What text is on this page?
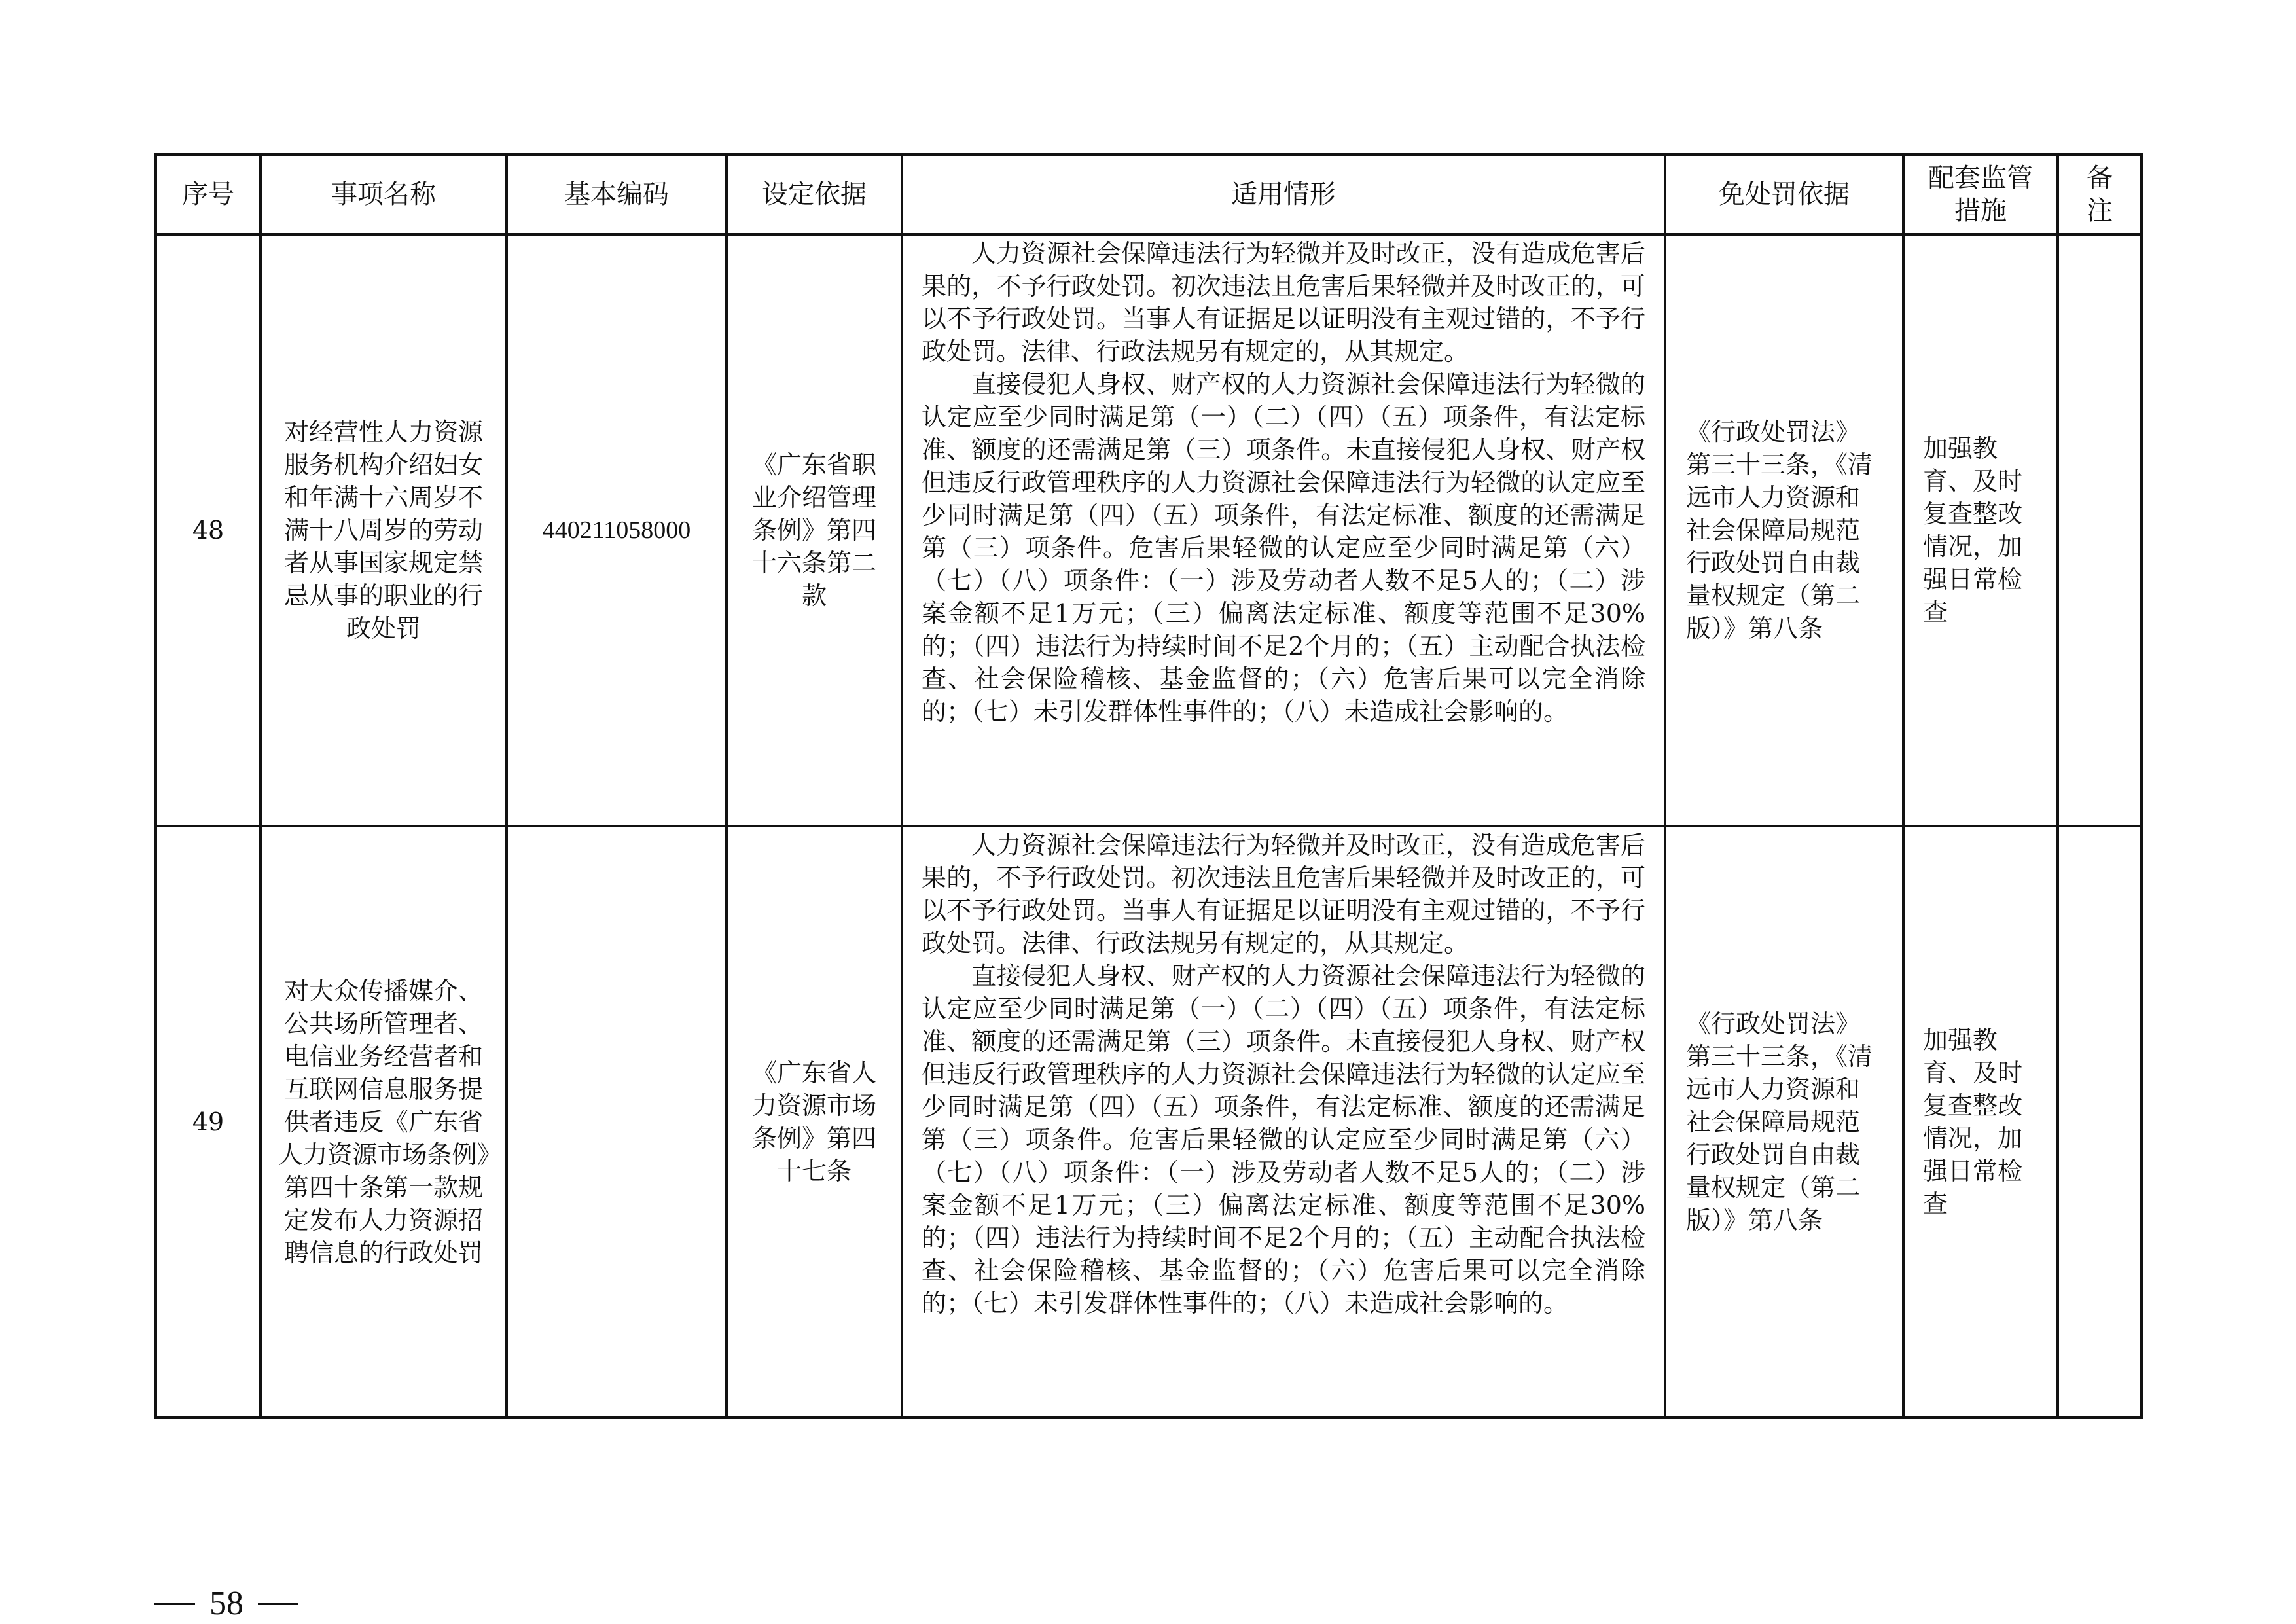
序号	事项名称	基本编码	设定依据	适用情形	免处罚依据	配套监管措施	备注
48	对经营性人力资源服务机构介绍妇女和年满十六周岁不满十八周岁的劳动者从事国家规定禁忌从事的职业的行政处罚	440211058000	《广东省职业介绍管理条例》第四十六条第二款	人力资源社会保障违法行为轻微并及时改正，没有造成危害后果的，不予行政处罚。初次违法且危害后果轻微并及时改正的，可以不予行政处罚。当事人有证据足以证明没有主观过错的，不予行政处罚。法律、行政法规另有规定的，从其规定。

直接侵犯人身权、财产权的人力资源社会保障违法行为轻微的认定应至少同时满足第（一）（二）（四）（五）项条件，有法定标准、额度的还需满足第（三）项条件。未直接侵犯人身权、财产权但违反行政管理秩序的人力资源社会保障违法行为轻微的认定应至少同时满足第（四）（五）项条件，有法定标准、额度的还需满足第（三）项条件。危害后果轻微的认定应至少同时满足第（六）（七）（八）项条件：（一）涉及劳动者人数不足5人的；（二）涉案金额不足1万元；（三）偏离法定标准、额度等范围不足30%的；（四）违法行为持续时间不足2个月的；（五）主动配合执法检查、社会保险稽核、基金监督的；（六）危害后果可以完全消除的；（七）未引发群体性事件的；（八）未造成社会影响的。	《行政处罚法》第三十三条，《清远市人力资源和社会保障局规范行政处罚自由裁量权规定（第二版）》第八条	加强教育、及时复查整改情况，加强日常检查	
49	对大众传播媒介、公共场所管理者、电信业务经营者和互联网信息服务提供者违反《广东省人力资源市场条例》第四十条第一款规定发布人力资源招聘信息的行政处罚		《广东省人力资源市场条例》第四十七条	人力资源社会保障违法行为轻微并及时改正，没有造成危害后果的，不予行政处罚。初次违法且危害后果轻微并及时改正的，可以不予行政处罚。当事人有证据足以证明没有主观过错的，不予行政处罚。法律、行政法规另有规定的，从其规定。

直接侵犯人身权、财产权的人力资源社会保障违法行为轻微的认定应至少同时满足第（一）（二）（四）（五）项条件，有法定标准、额度的还需满足第（三）项条件。未直接侵犯人身权、财产权但违反行政管理秩序的人力资源社会保障违法行为轻微的认定应至少同时满足第（四）（五）项条件，有法定标准、额度的还需满足第（三）项条件。危害后果轻微的认定应至少同时满足第（六）（七）（八）项条件：（一）涉及劳动者人数不足5人的；（二）涉案金额不足1万元；（三）偏离法定标准、额度等范围不足30%的；（四）违法行为持续时间不足2个月的；（五）主动配合执法检查、社会保险稽核、基金监督的；（六）危害后果可以完全消除的；（七）未引发群体性事件的；（八）未造成社会影响的。	《行政处罚法》第三十三条，《清远市人力资源和社会保障局规范行政处罚自由裁量权规定（第二版）》第八条	加强教育、及时复查整改情况，加强日常检查	
58
